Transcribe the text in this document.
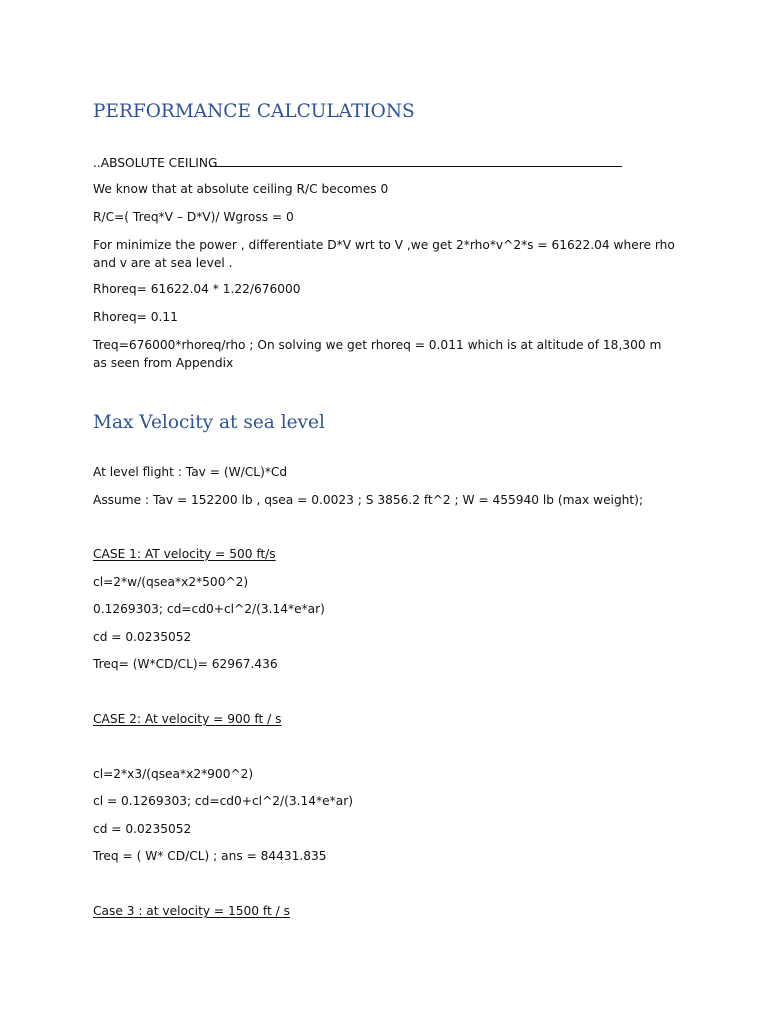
PERFORMANCE CALCULATIONS
..ABSOLUTE CEILING
We know that at absolute ceiling R/C becomes 0
R/C=( Treq*V – D*V)/ Wgross = 0
For minimize the power , differentiate D*V wrt to V ,we get 2*rho*v^2*s = 61622.04 where rho and v are at sea level .
Rhoreq= 61622.04 * 1.22/676000
Rhoreq= 0.11
Treq=676000*rhoreq/rho ; On solving we get rhoreq = 0.011 which is at altitude of 18,300 m as seen from Appendix
Max Velocity at sea level
At level flight : Tav = (W/CL)*Cd
Assume : Tav = 152200 lb , qsea = 0.0023 ; S 3856.2 ft^2 ; W = 455940 lb (max weight);
CASE 1: AT velocity = 500 ft/s
cl=2*w/(qsea*x2*500^2)
0.1269303; cd=cd0+cl^2/(3.14*e*ar)
cd = 0.0235052
Treq= (W*CD/CL)= 62967.436
CASE 2: At velocity = 900 ft / s
cl=2*x3/(qsea*x2*900^2)
cl = 0.1269303; cd=cd0+cl^2/(3.14*e*ar)
cd = 0.0235052
Treq = ( W* CD/CL) ; ans = 84431.835
Case 3 : at velocity = 1500 ft / s
